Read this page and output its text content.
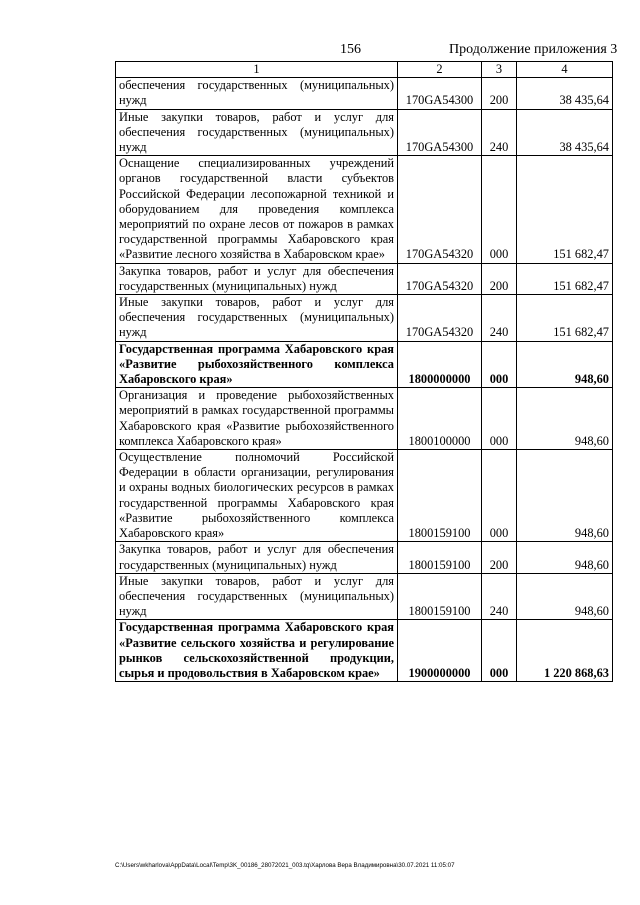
156	Продолжение приложения 3
1	2	3	4
обеспечения государственных (муниципальных) нужд	170GA54300	200	38 435,64
Иные закупки товаров, работ и услуг для обеспечения государственных (муниципальных) нужд	170GA54300	240	38 435,64
Оснащение специализированных учреждений органов государственной власти субъектов Российской Федерации лесопожарной техникой и оборудованием для проведения комплекса мероприятий по охране лесов от пожаров в рамках государственной программы Хабаровского края «Развитие лесного хозяйства в Хабаровском крае»	170GA54320	000	151 682,47
Закупка товаров, работ и услуг для обеспечения государственных (муниципальных) нужд	170GA54320	200	151 682,47
Иные закупки товаров, работ и услуг для обеспечения государственных (муниципальных) нужд	170GA54320	240	151 682,47
Государственная программа Хабаровского края «Развитие рыбохозяйственного комплекса Хабаровского края»	1800000000	000	948,60
Организация и проведение рыбохозяйственных мероприятий в рамках государственной программы Хабаровского края «Развитие рыбохозяйственного комплекса Хабаровского края»	1800100000	000	948,60
Осуществление полномочий Российской Федерации в области организации, регулирования и охраны водных биологических ресурсов в рамках государственной программы Хабаровского края «Развитие рыбохозяйственного комплекса Хабаровского края»	1800159100	000	948,60
Закупка товаров, работ и услуг для обеспечения государственных (муниципальных) нужд	1800159100	200	948,60
Иные закупки товаров, работ и услуг для обеспечения государственных (муниципальных) нужд	1800159100	240	948,60
Государственная программа Хабаровского края «Развитие сельского хозяйства и регулирование рынков сельскохозяйственной продукции, сырья и продовольствия в Хабаровском крае»	1900000000	000	1 220 868,63
C:\Users\wkharlova\AppData\Local\Temp\3K_00186_28072021_003.tq\Харлова Вера Владимировна\30.07.2021 11:05:07
